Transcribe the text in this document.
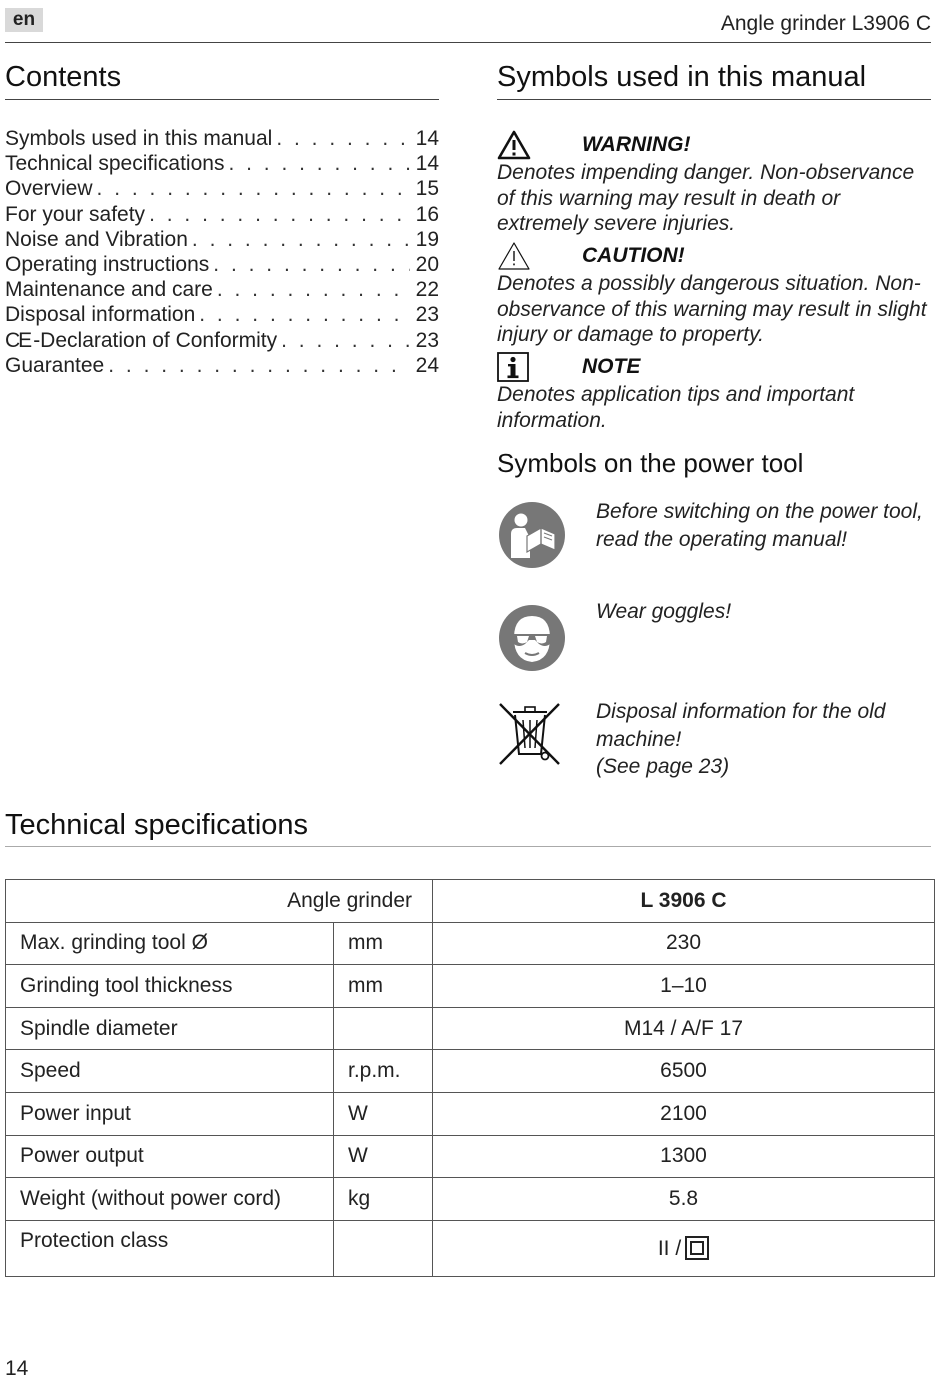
en	Angle grinder L3906 C
Contents
Symbols used in this manual . . .	14
Technical specifications . . .	14
Overview . . .	15
For your safety . . .	16
Noise and Vibration . . .	19
Operating instructions . . .	20
Maintenance and care . . .	22
Disposal information . . .	23
CE -Declaration of Conformity . . .	23
Guarantee . . .	24
Symbols used in this manual
WARNING!
Denotes impending danger. Non-observance of this warning may result in death or extremely severe injuries.
CAUTION!
Denotes a possibly dangerous situation. Non-observance of this warning may result in slight injury or damage to property.
NOTE
Denotes application tips and important information.
Symbols on the power tool
Before switching on the power tool,
read the operating manual!
Wear goggles!
Disposal information for the old
machine!
(See page 23)
Technical specifications
Angle grinder		L 3906 C
Max. grinding tool Ø	mm	230
Grinding tool thickness	mm	1–10
Spindle diameter		M14 / A/F 17
Speed	r.p.m.	6500
Power input	W	2100
Power output	W	1300
Weight (without power cord)	kg	5.8
Protection class		II /
14
